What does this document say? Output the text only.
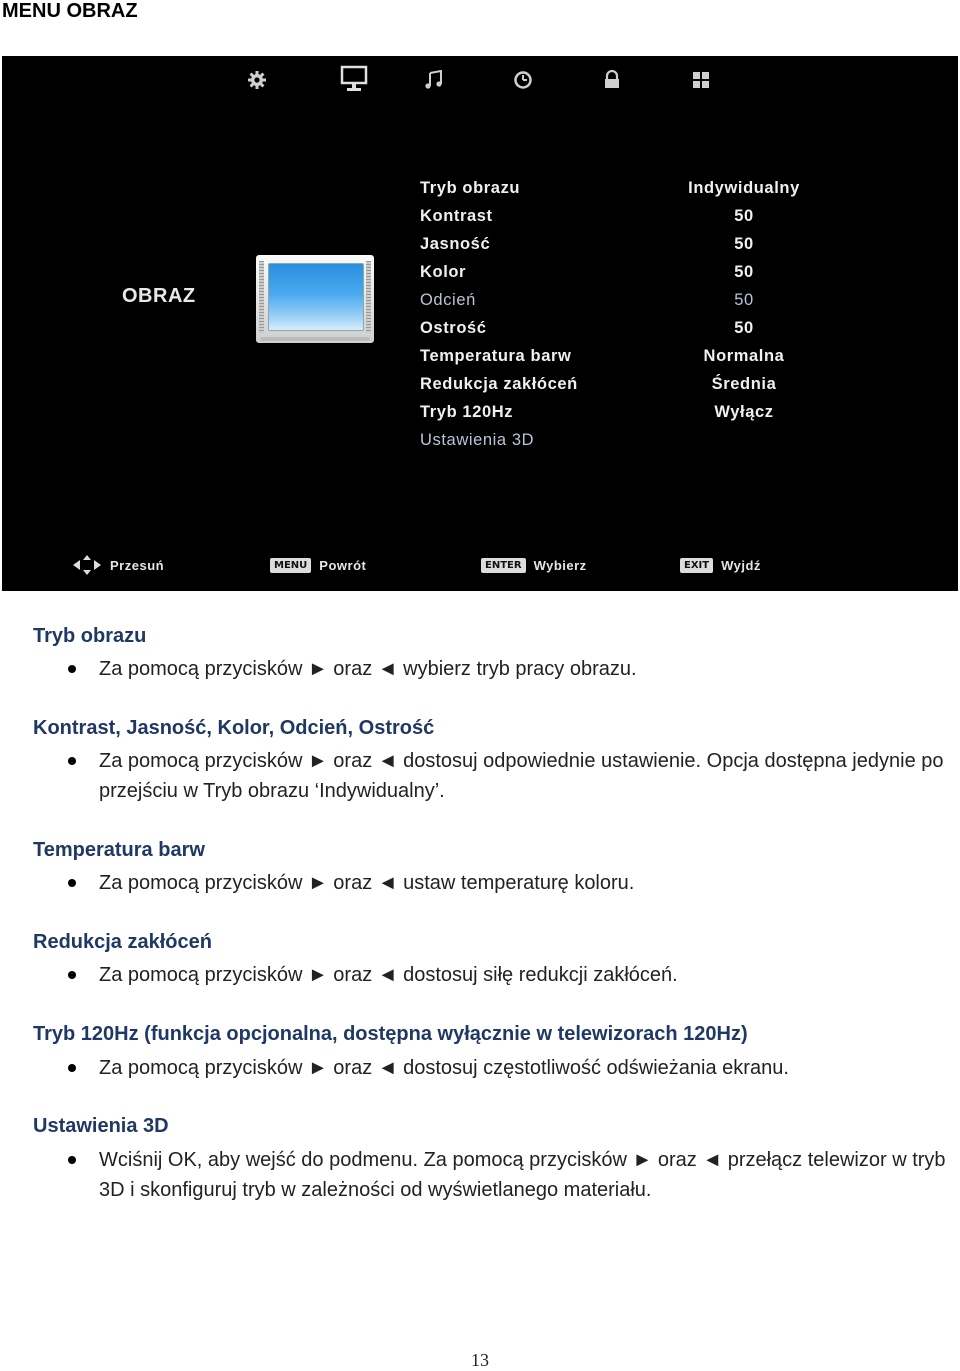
MENU OBRAZ
OBRAZ
Tryb obrazu	Indywidualny
Kontrast	50
Jasność	50
Kolor	50
Odcień	50
Ostrość	50
Temperatura barw	Normalna
Redukcja zakłóceń	Średnia
Tryb 120Hz	Wyłącz
Ustawienia 3D
Przesuń	MENU Powrót	ENTER Wybierz	EXIT Wyjdź
Tryb obrazu
Za pomocą przycisków ► oraz ◄ wybierz tryb pracy obrazu.
Kontrast, Jasność, Kolor, Odcień, Ostrość
Za pomocą przycisków ► oraz ◄ dostosuj odpowiednie ustawienie. Opcja dostępna jedynie po przejściu w Tryb obrazu ‘Indywidualny’.
Temperatura barw
Za pomocą przycisków ► oraz ◄ ustaw temperaturę koloru.
Redukcja zakłóceń
Za pomocą przycisków ► oraz ◄ dostosuj siłę redukcji zakłóceń.
Tryb 120Hz (funkcja opcjonalna, dostępna wyłącznie w telewizorach 120Hz)
Za pomocą przycisków ► oraz ◄ dostosuj częstotliwość odświeżania ekranu.
Ustawienia 3D
Wciśnij OK, aby wejść do podmenu. Za pomocą przycisków ► oraz ◄ przełącz telewizor w tryb 3D i skonfiguruj tryb w zależności od wyświetlanego materiału.
13
